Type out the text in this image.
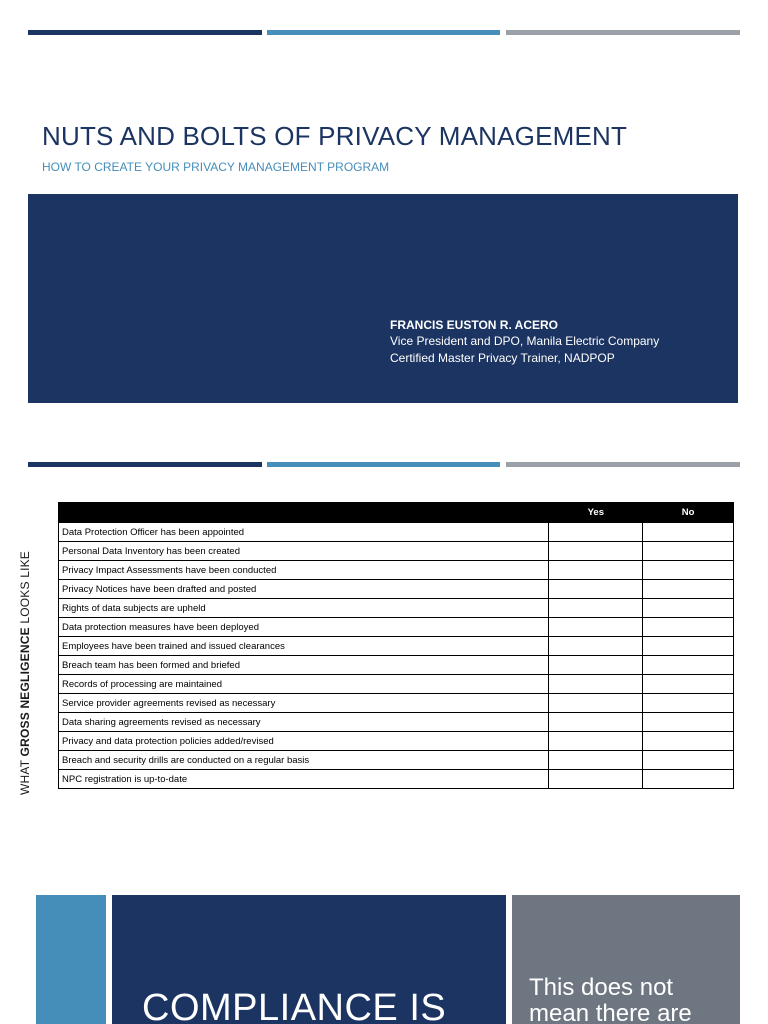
NUTS AND BOLTS OF PRIVACY MANAGEMENT

HOW TO CREATE YOUR PRIVACY MANAGEMENT PROGRAM

FRANCIS EUSTON R. ACERO
Vice President and DPO, Manila Electric Company
Certified Master Privacy Trainer, NADPOP
WHAT GROSS NEGLIGENCE LOOKS LIKE
	Yes	No
Data Protection Officer has been appointed		
Personal Data Inventory has been created		
Privacy Impact Assessments have been conducted		
Privacy Notices have been drafted and posted		
Rights of data subjects are upheld		
Data protection measures have been deployed		
Employees have been trained and issued clearances		
Breach team has been formed and briefed		
Records of processing are maintained		
Service provider agreements revised as necessary		
Data sharing agreements revised as necessary		
Privacy and data protection policies added/revised		
Breach and security drills are conducted on a regular basis		
NPC registration is up-to-date		
COMPLIANCE IS	This does not mean there are
